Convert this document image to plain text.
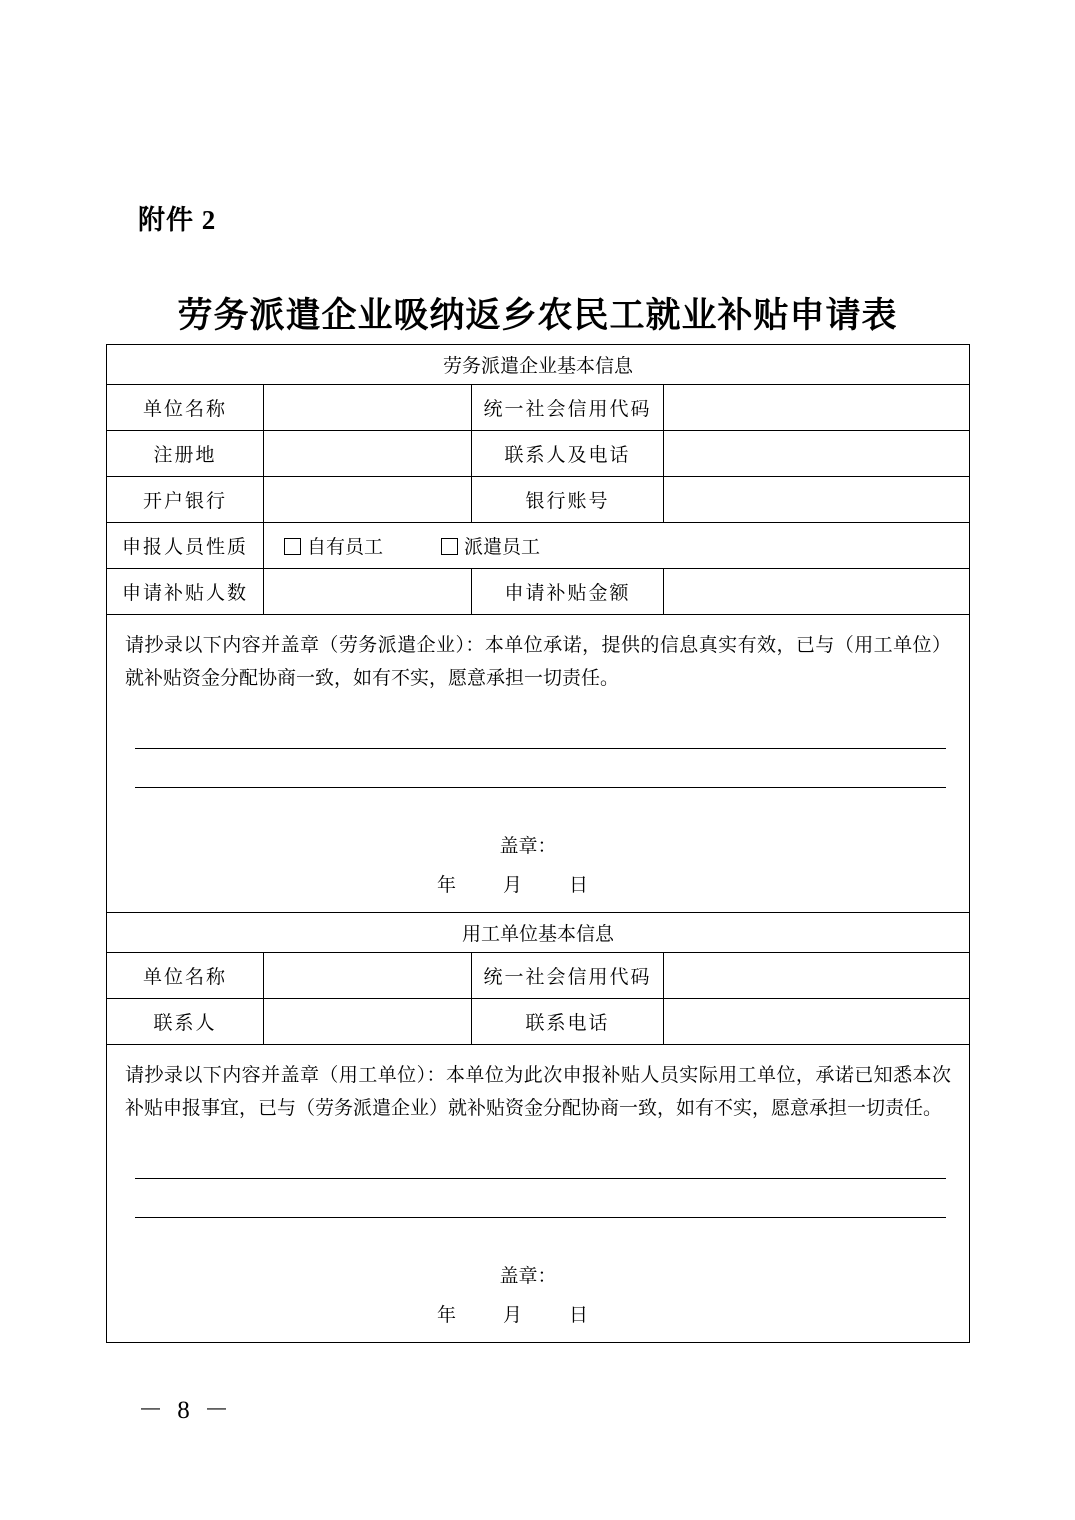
附件 2
劳务派遣企业吸纳返乡农民工就业补贴申请表
劳务派遣企业基本信息			
单位名称		统一社会信用代码	
注册地		联系人及电话	
开户银行		银行账号	
申报人员性质	自有员工 派遣员工		
申请补贴人数		申请补贴金额	

请抄录以下内容并盖章（劳务派遣企业）：本单位承诺，提供的信息真实有效，已与（用工单位）就补贴资金分配协商一致，如有不实，愿意承担一切责任。
盖章：
年 月 日			

用工单位基本信息			
单位名称		统一社会信用代码	
联系人		联系电话	

请抄录以下内容并盖章（用工单位）：本单位为此次申报补贴人员实际用工单位，承诺已知悉本次补贴申报事宜，已与（劳务派遣企业）就补贴资金分配协商一致，如有不实，愿意承担一切责任。
盖章：
年 月 日			
－ 8 －
